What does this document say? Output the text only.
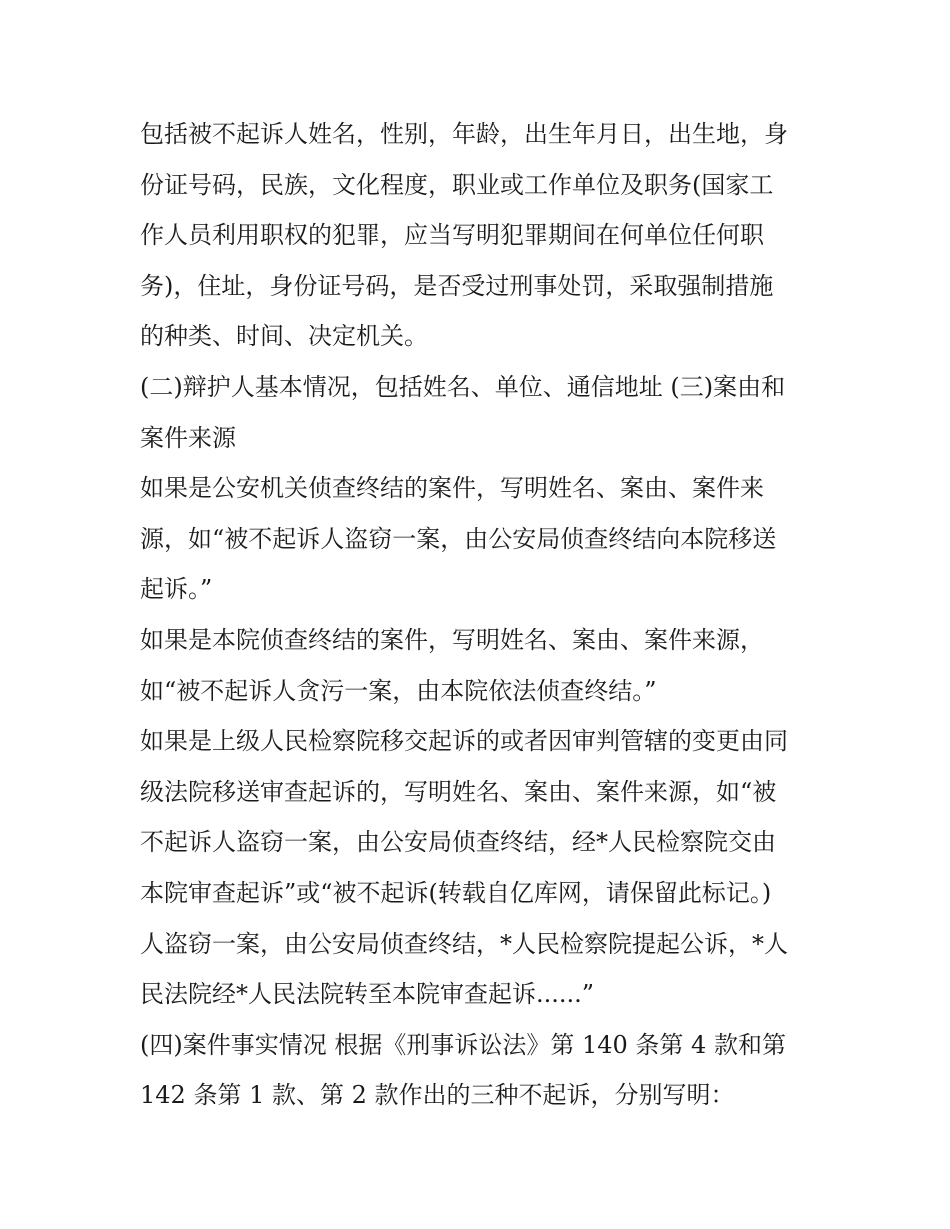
包括被不起诉人姓名，性别，年龄，出生年月日，出生地，身
份证号码，民族，文化程度，职业或工作单位及职务(国家工
作人员利用职权的犯罪，应当写明犯罪期间在何单位任何职
务)，住址，身份证号码，是否受过刑事处罚，采取强制措施
的种类、时间、决定机关。
(二)辩护人基本情况，包括姓名、单位、通信地址 (三)案由和
案件来源
如果是公安机关侦查终结的案件，写明姓名、案由、案件来
源，如“被不起诉人盗窃一案，由公安局侦查终结向本院移送
起诉。”
如果是本院侦查终结的案件，写明姓名、案由、案件来源，
如“被不起诉人贪污一案，由本院依法侦查终结。”
如果是上级人民检察院移交起诉的或者因审判管辖的变更由同
级法院移送审查起诉的，写明姓名、案由、案件来源，如“被
不起诉人盗窃一案，由公安局侦查终结，经*人民检察院交由
本院审查起诉”或“被不起诉(转载自亿库网，请保留此标记。)
人盗窃一案，由公安局侦查终结，*人民检察院提起公诉，*人
民法院经*人民法院转至本院审查起诉......”
(四)案件事实情况 根据《刑事诉讼法》第 140 条第 4 款和第
142 条第 1 款、第 2 款作出的三种不起诉，分别写明：
